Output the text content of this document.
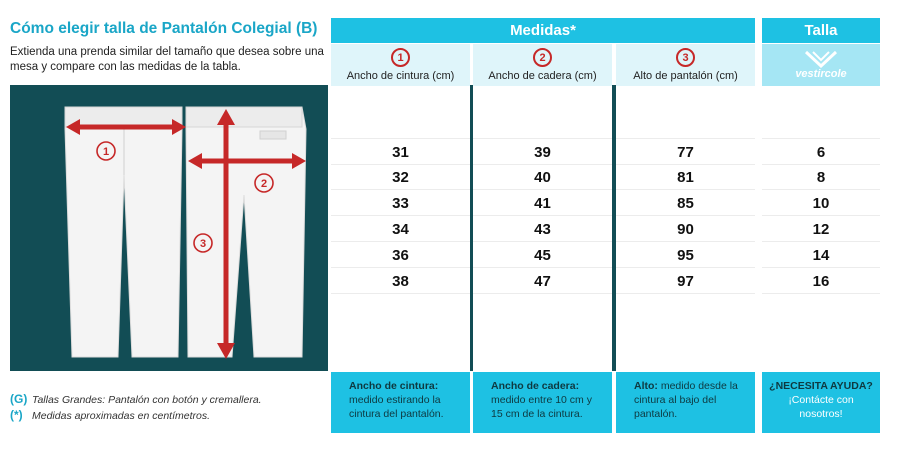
Cómo elegir talla de Pantalón Colegial (B)
Extienda una prenda similar del tamaño que desea sobre una mesa y compare con las medidas de la tabla.
1
2
3
(G) Tallas Grandes: Pantalón con botón y cremallera.
(*) Medidas aproximadas en centímetros.
Medidas*	Talla
1
Ancho de cintura (cm)
2
Ancho de cadera (cm)
3
Alto de pantalón (cm)	vestircole
31
32
33
34
36
38
39
40
41
43
45
47
77
81
85
90
95
97
6
8
10
12
14
16
Ancho de cintura:
medido estirando la cintura del pantalón.
Ancho de cadera:
medido entre 10 cm y 15 cm de la cintura.
Alto: medido desde la cintura al bajo del pantalón.
¿NECESITA AYUDA?
¡Contácte con nosotros!
